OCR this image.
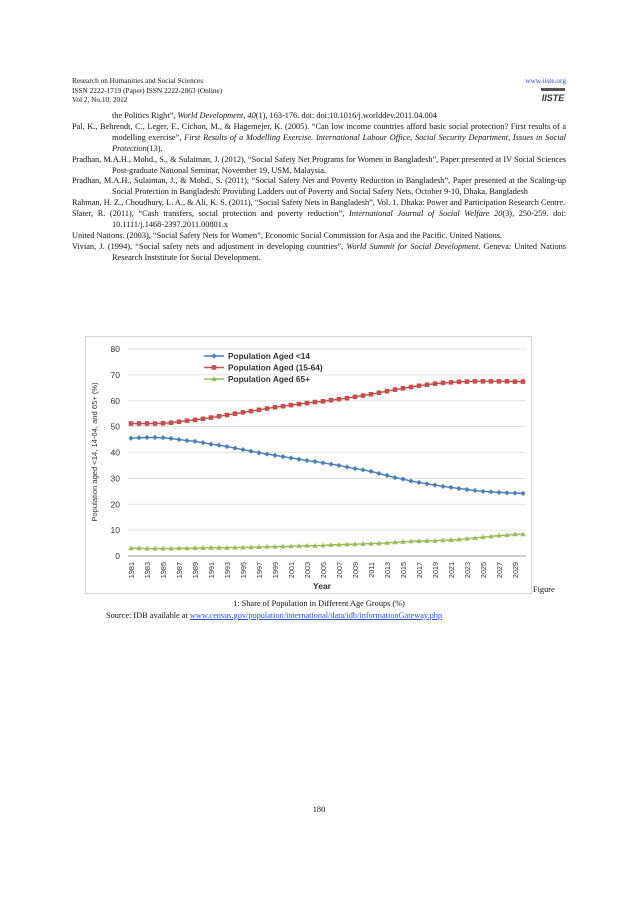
Research on Humanities and Social Sciences
ISSN 2222-1719 (Paper) ISSN 2222-2863 (Online)
Vol 2, No.10, 2012
www.iiste.org
IISTE
the Politics Right”, World Development, 40(1), 163-176. doi: doi:10.1016/j.worlddev.2011.04.004
Pal, K., Behrendt, C., Leger, F., Cichon, M., & Hagemejer, K. (2005). “Can low income countries afford basic social protection? First results of a modelling exercise”, First Results of a Modelling Exercise. International Labour Office, Social Security Department, Issues in Social Protection(13).
Pradhan, M.A.H., Mohd., S., & Sulaiman, J. (2012), “Social Safety Net Programs for Women in Bangladesh”, Paper presented at IV Social Sciences Post-graduate National Seminar, November 19, USM, Malaysia.
Pradhan, M.A.H., Sulaiman, J., & Mohd., S. (2011), “Social Safety Net and Poverty Reduction in Bangladesh”, Paper presented at the Scaling-up Social Protection in Bangladesh: Providing Ladders out of Poverty and Social Safety Nets, October 9-10, Dhaka, Bangladesh
Rahman, H. Z., Choudhury, L. A., & Ali, K. S. (2011), “Social Safety Nets in Bangladesh”, Vol. 1. Dhaka: Power and Participation Research Centre.
Slater, R. (2011), “Cash transfers, social protection and poverty reduction”, International Journal of Social Welfare 20(3), 250-259. doi: 10.1111/j.1468-2397.2011.00801.x
United Nations. (2003), “Social Safety Nets for Women”, Economic Social Commission for Asia and the Pacific. United Nations.
Vivian, J. (1994), “Social safety nets and adjustment in developing countries”, World Summit for Social Development. Geneva: United Nations Research Inststitute for Social Development.
0
10
20
30
40
50
60
70
80
1981 1983 1985 1987 1989 1991 1993 1995 1997 1999 2001 2003 2005 2007 2009 2011 2013 2015 2017 2019 2021 2023 2025 2027 2029
Year
Population aged <14, 14-64, and 65+ (%)
Population Aged <14
Population Aged (15-64)
Population Aged 65+
Figure
1: Share of Population in Different Age Groups (%)
Source: IDB available at www.census.gov/population/international/data/idb/informationGateway.php
180
